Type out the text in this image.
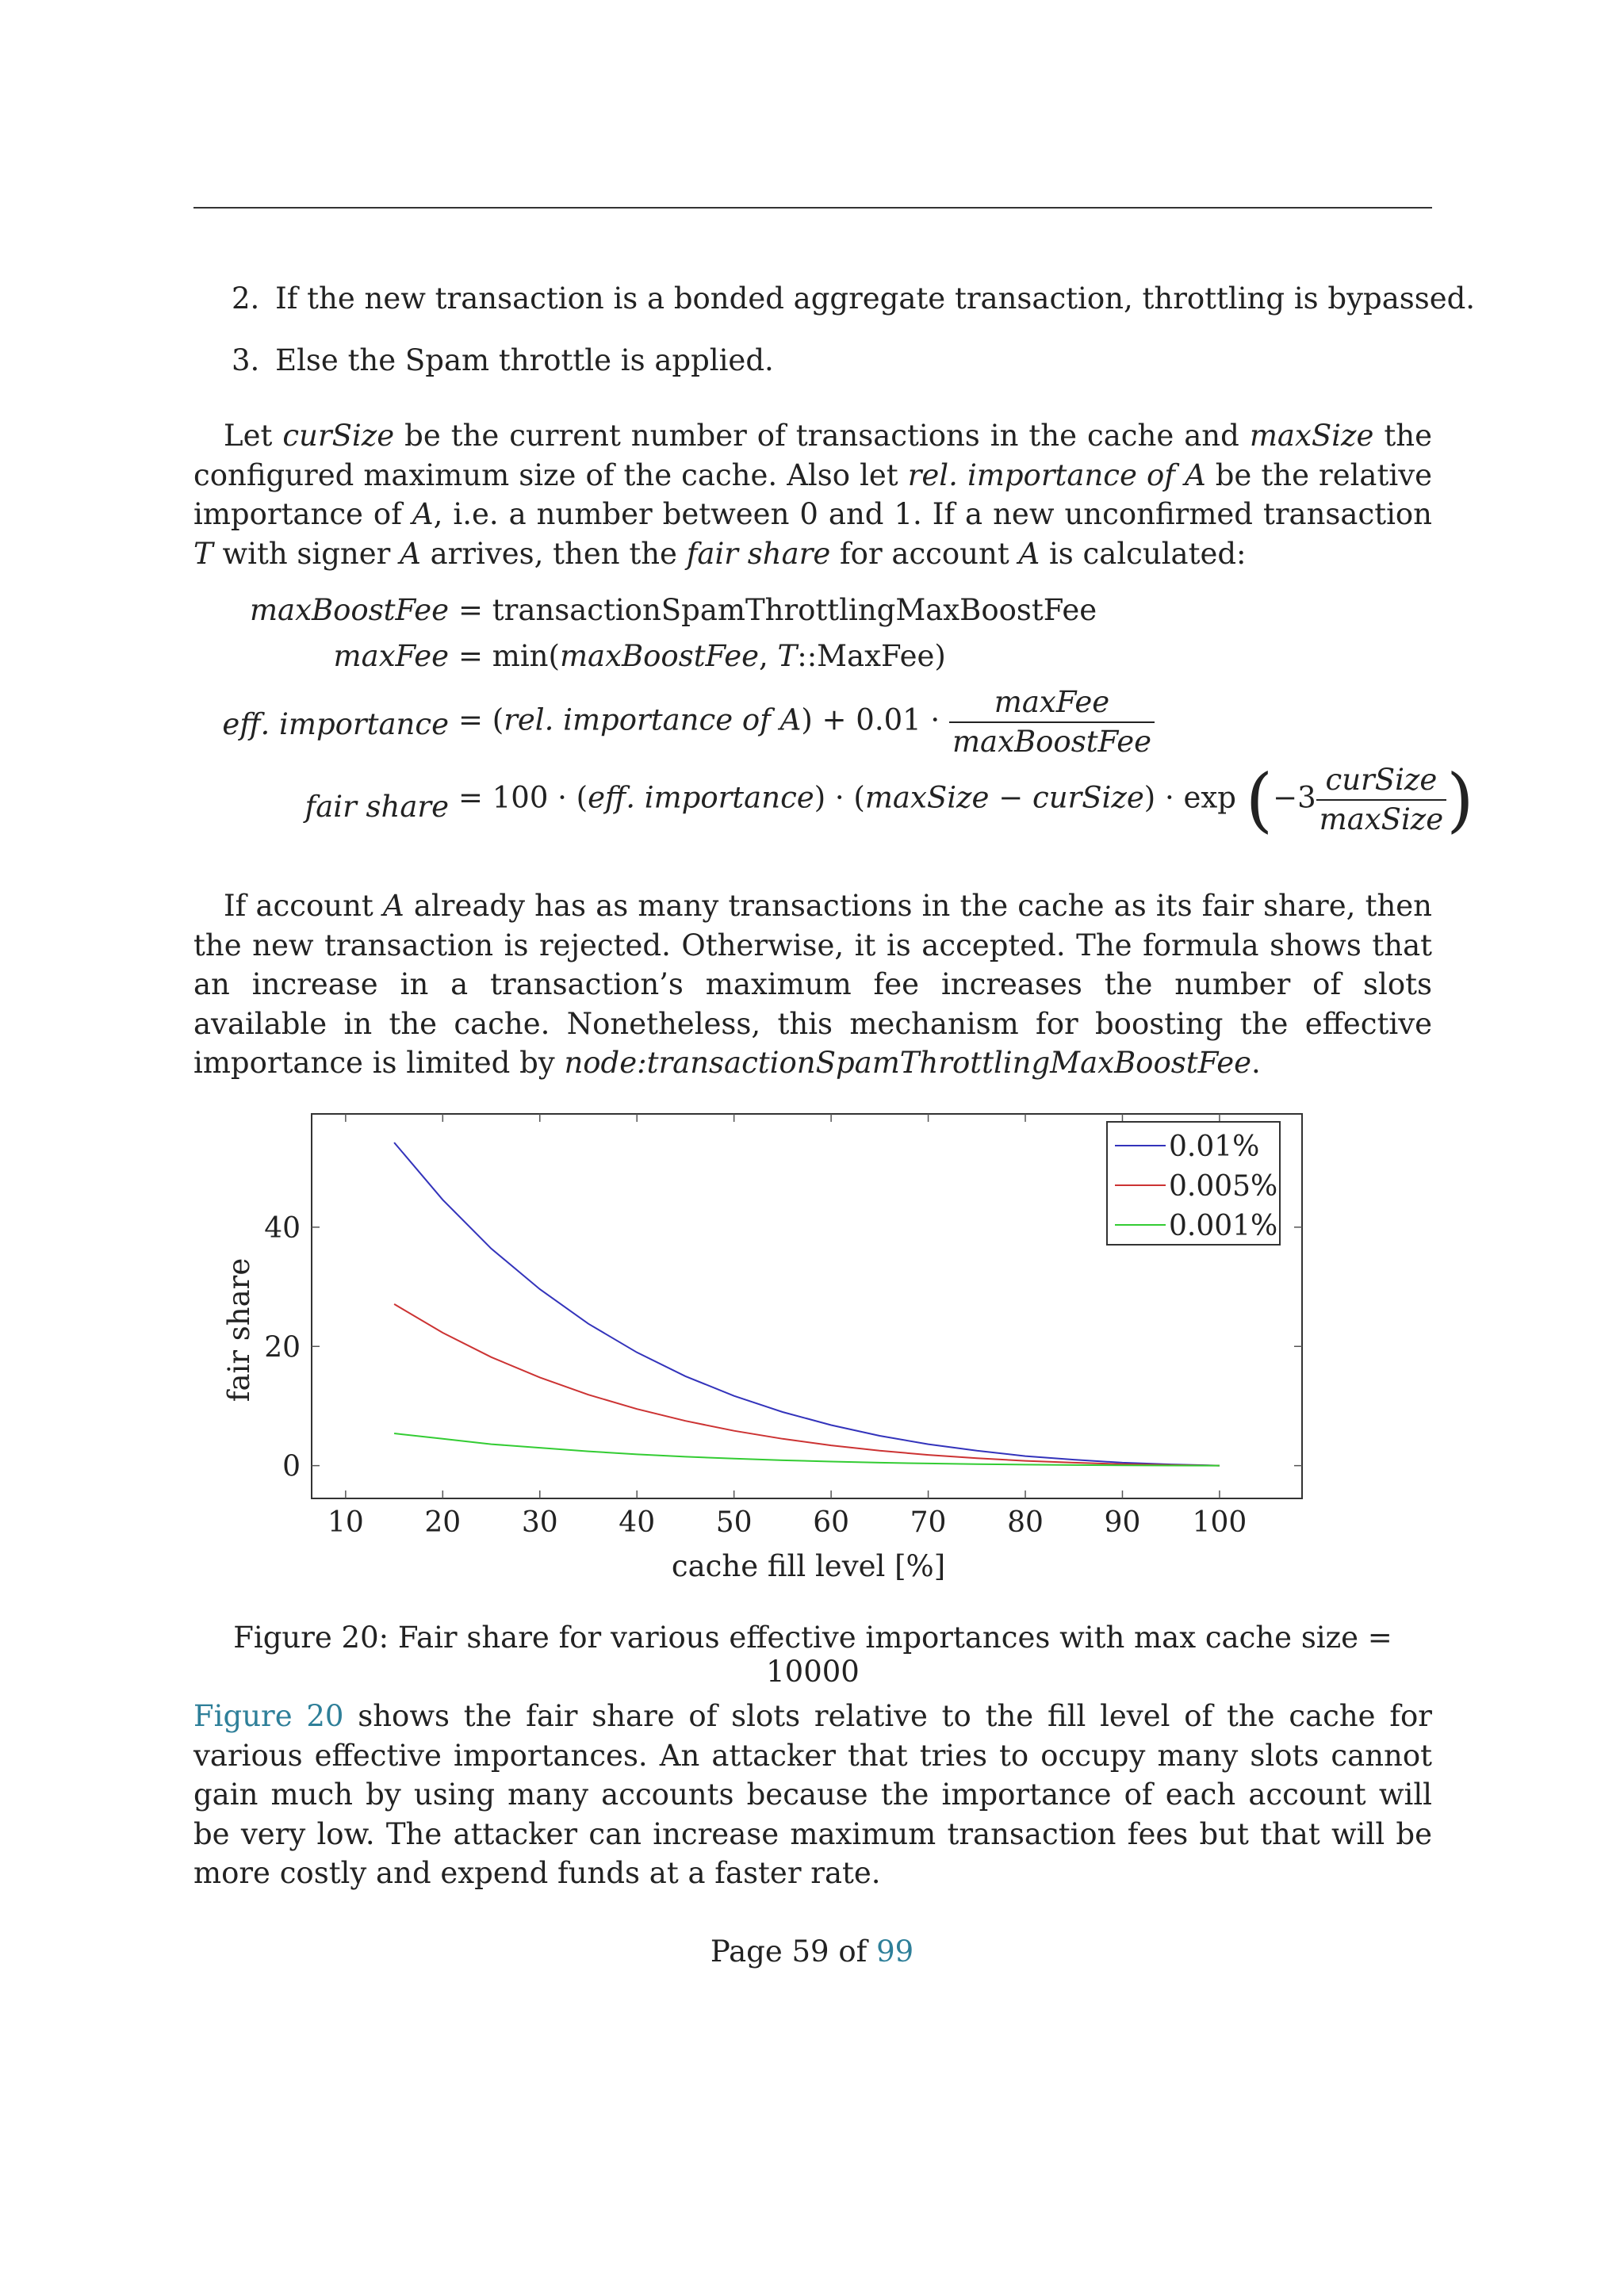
2. If the new transaction is a bonded aggregate transaction, throttling is bypassed.
3. Else the Spam throttle is applied.
Let curSize be the current number of transactions in the cache and maxSize the configured maximum size of the cache. Also let rel. importance of A be the relative importance of A, i.e. a number between 0 and 1. If a new unconfirmed transaction T with signer A arrives, then the fair share for account A is calculated:
maxBoostFee = transactionSpamThrottlingMaxBoostFee
maxFee = min(maxBoostFee, T::MaxFee)
eff. importance = (rel. importance of $A) + 0.01 \cdot \frac{\text{maxFee}}{\text{maxBoostFee}}$
fair share = 100 · (eff. importance) · (maxSize − curSize) · $\exp (-3 \frac{\text{curSize}}{\text{maxSize}}$ )
If account A already has as many transactions in the cache as its fair share, then the new transaction is rejected. Otherwise, it is accepted. The formula shows that an increase in a transaction’s maximum fee increases the number of slots available in the cache. Nonetheless, this mechanism for boosting the effective importance is limited by node:transactionSpamThrottlingMaxBoostFee.
10 20 30 40 50 60 70 80 90 100
0
20
40
cache fill level [%]
fair share
0.01%
0.005%
0.001%
Figure 20: Fair share for various effective importances with max cache size = 10000
Figure 20 shows the fair share of slots relative to the fill level of the cache for various effective importances. An attacker that tries to occupy many slots cannot gain much by using many accounts because the importance of each account will be very low. The attacker can increase maximum transaction fees but that will be more costly and expend funds at a faster rate.
Page 59 of 99
